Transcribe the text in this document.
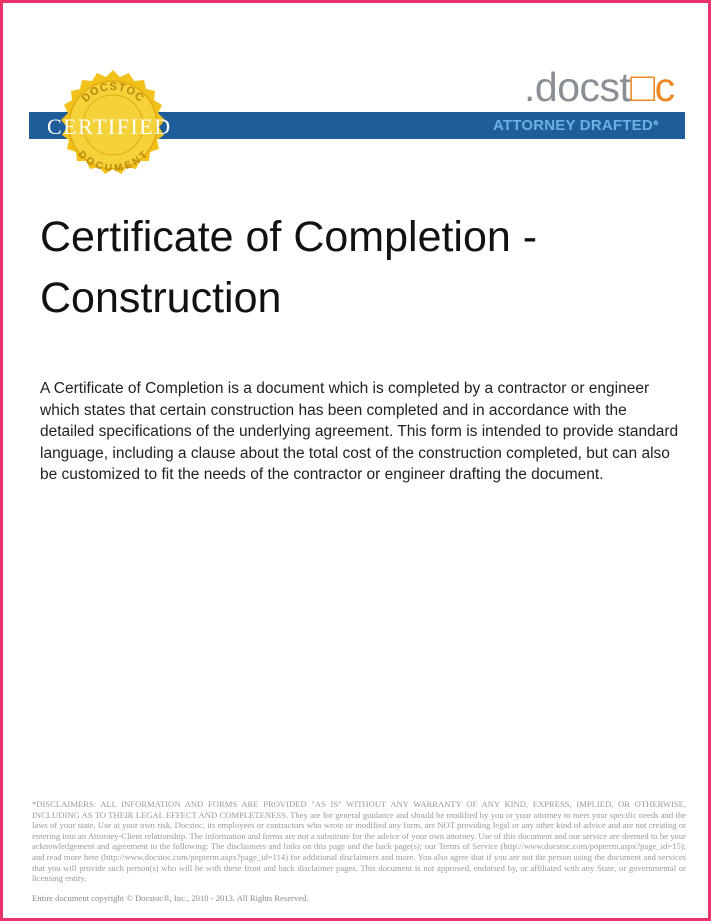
DOCSTOC
DOCUMENT
CERTIFIED
.docst□c
ATTORNEY DRAFTED*
Certificate of Completion - Construction

A Certificate of Completion is a document which is completed by a contractor or engineer which states that certain construction has been completed and in accordance with the detailed specifications of the underlying agreement. This form is intended to provide standard language, including a clause about the total cost of the construction completed, but can also be customized to fit the needs of the contractor or engineer drafting the document.

*DISCLAIMERS: ALL INFORMATION AND FORMS ARE PROVIDED "AS IS" WITHOUT ANY WARRANTY OF ANY KIND, EXPRESS, IMPLIED, OR OTHERWISE, INCLUDING AS TO THEIR LEGAL EFFECT AND COMPLETENESS. They are for general guidance and should be modified by you or your attorney to meet your specific needs and the laws of your state. Use at your own risk. Docstoc, its employees or contractors who wrote or modified any form, are NOT providing legal or any other kind of advice and are not creating or entering into an Attorney-Client relationship. The information and forms are not a substitute for the advice of your own attorney. Use of this document and our service are deemed to be your acknowledgement and agreement to the following: The disclaimers and links on this page and the back page(s); our Terms of Service (http://www.docstoc.com/popterm.aspx?page_id=15); and read more here (http://www.docstoc.com/popterm.aspx?page_id=114) for additional disclaimers and more. You also agree that if you are not the person using the document and services that you will provide such person(s) who will be with these front and back disclaimer pages. This document is not approved, endorsed by, or affiliated with any State, or governmental or licensing entity.

Entire document copyright © Docstoc®, Inc., 2010 - 2013. All Rights Reserved.
